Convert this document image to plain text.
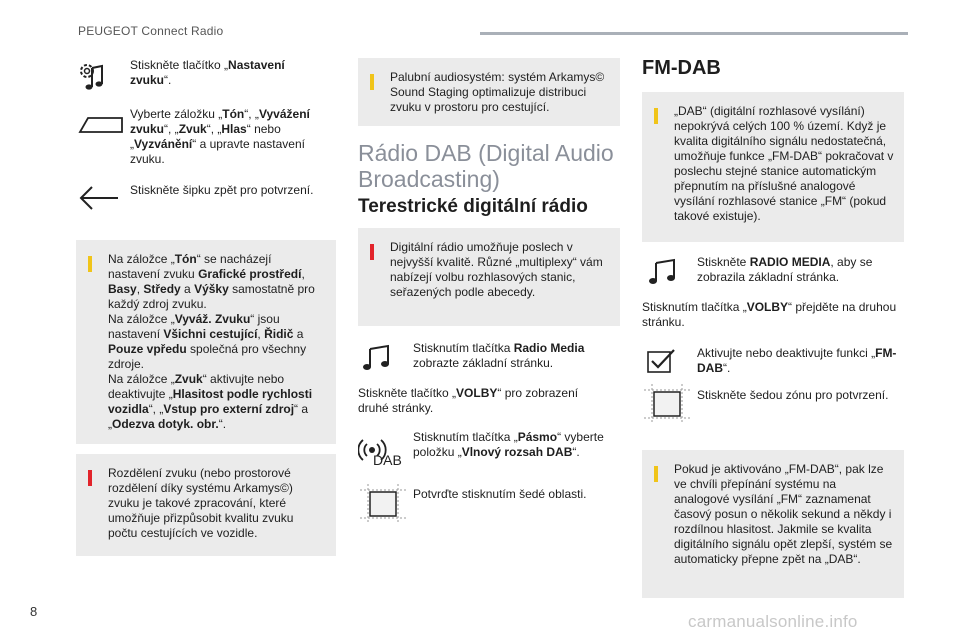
PEUGEOT Connect Radio
Stiskněte tlačítko „Nastavení zvuku“.
Vyberte záložku „Tón“, „Vyvážení zvuku“, „Zvuk“, „Hlas“ nebo „Vyzvánění“ a upravte nastavení zvuku.
Stiskněte šipku zpět pro potvrzení.
Na záložce „Tón“ se nacházejí nastavení zvuku Grafické prostředí, Basy, Středy a Výšky samostatně pro každý zdroj zvuku.
Na záložce „Vyváž. Zvuku“ jsou nastavení Všichni cestující, Řidič a Pouze vpředu společná pro všechny zdroje.
Na záložce „Zvuk“ aktivujte nebo deaktivujte „Hlasitost podle rychlosti vozidla“, „Vstup pro externí zdroj“ a „Odezva dotyk. obr.“.
Rozdělení zvuku (nebo prostorové rozdělení díky systému Arkamys©) zvuku je takové zpracování, které umožňuje přizpůsobit kvalitu zvuku počtu cestujících ve vozidle.
Palubní audiosystém: systém Arkamys© Sound Staging optimalizuje distribuci zvuku v prostoru pro cestující.
Rádio DAB (Digital Audio
Broadcasting)
Terestrické digitální rádio
Digitální rádio umožňuje poslech v nejvyšší kvalitě. Různé „multiplexy“ vám nabízejí volbu rozhlasových stanic, seřazených podle abecedy.
Stisknutím tlačítka Radio Media zobrazte základní stránku.
Stiskněte tlačítko „VOLBY“ pro zobrazení druhé stránky.
DAB
Stisknutím tlačítka „Pásmo“ vyberte položku „Vlnový rozsah DAB“.
Potvrďte stisknutím šedé oblasti.
FM-DAB
„DAB“ (digitální rozhlasové vysílání) nepokrývá celých 100 % území. Když je kvalita digitálního signálu nedostatečná, umožňuje funkce „FM-DAB“ pokračovat v poslechu stejné stanice automatickým přepnutím na příslušné analogové vysílání rozhlasové stanice „FM“ (pokud takové existuje).
Stiskněte RADIO MEDIA, aby se zobrazila základní stránka.
Stisknutím tlačítka „VOLBY“ přejděte na druhou stránku.
Aktivujte nebo deaktivujte funkci „FM-DAB“.
Stiskněte šedou zónu pro potvrzení.
Pokud je aktivováno „FM-DAB“, pak lze ve chvíli přepínání systému na analogové vysílání „FM“ zaznamenat časový posun o několik sekund a někdy i rozdílnou hlasitost. Jakmile se kvalita digitálního signálu opět zlepší, systém se automaticky přepne zpět na „DAB“.
8
carmanualsonline.info
